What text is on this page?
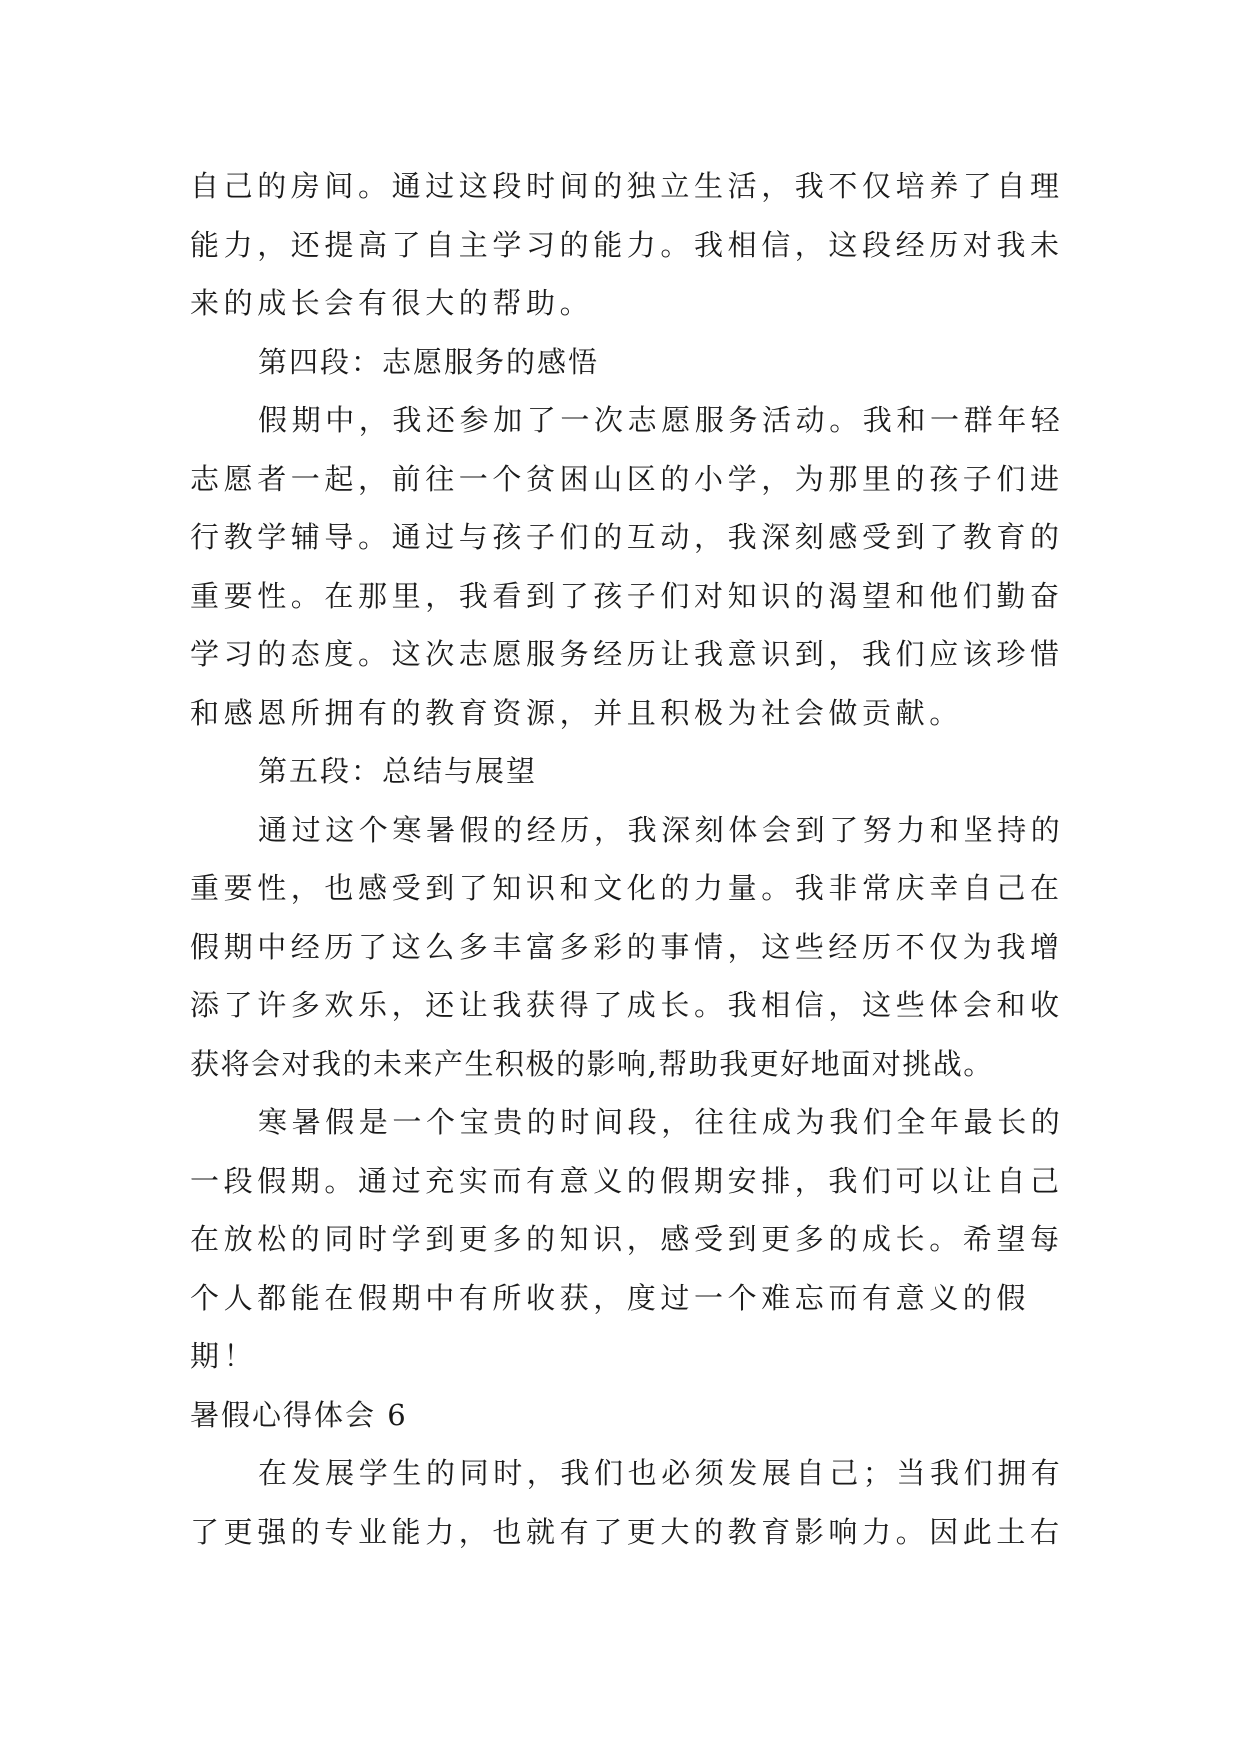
自己的房间。通过这段时间的独立生活，我不仅培养了自理
能力，还提高了自主学习的能力。我相信，这段经历对我未
来的成长会有很大的帮助。
第四段：志愿服务的感悟
假期中，我还参加了一次志愿服务活动。我和一群年轻
志愿者一起，前往一个贫困山区的小学，为那里的孩子们进
行教学辅导。通过与孩子们的互动，我深刻感受到了教育的
重要性。在那里，我看到了孩子们对知识的渴望和他们勤奋
学习的态度。这次志愿服务经历让我意识到，我们应该珍惜
和感恩所拥有的教育资源，并且积极为社会做贡献。
第五段：总结与展望
通过这个寒暑假的经历，我深刻体会到了努力和坚持的
重要性，也感受到了知识和文化的力量。我非常庆幸自己在
假期中经历了这么多丰富多彩的事情，这些经历不仅为我增
添了许多欢乐，还让我获得了成长。我相信，这些体会和收
获将会对我的未来产生积极的影响,帮助我更好地面对挑战。
寒暑假是一个宝贵的时间段，往往成为我们全年最长的
一段假期。通过充实而有意义的假期安排，我们可以让自己
在放松的同时学到更多的知识，感受到更多的成长。希望每
个人都能在假期中有所收获，度过一个难忘而有意义的假
期！
暑假心得体会 6
在发展学生的同时，我们也必须发展自己；当我们拥有
了更强的专业能力，也就有了更大的教育影响力。因此土右
